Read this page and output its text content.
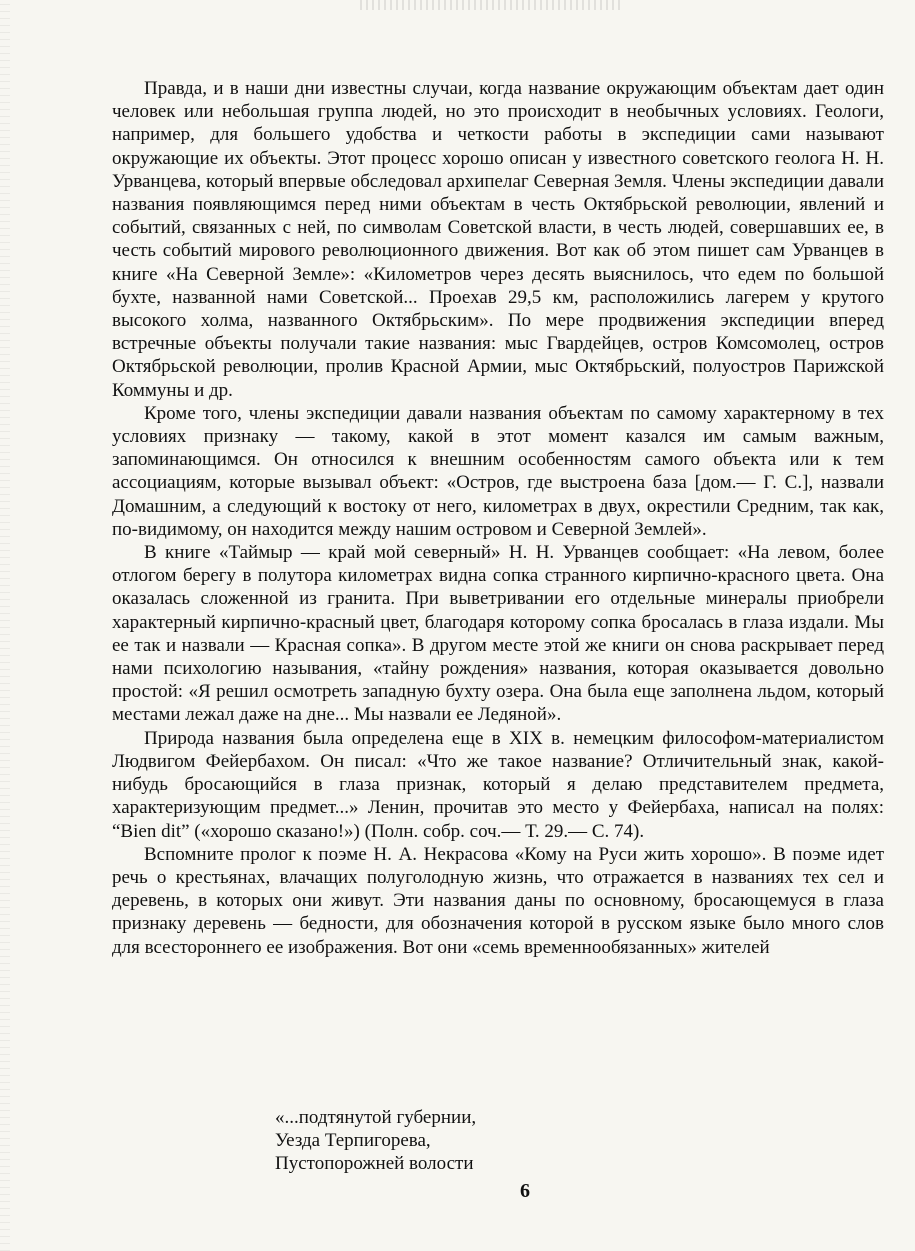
Правда, и в наши дни известны случаи, когда название окружающим объектам дает один человек или небольшая группа людей, но это происходит в необычных условиях. Геологи, например, для большего удобства и четкости работы в экспедиции сами называют окружающие их объекты. Этот процесс хорошо описан у известного советского геолога Н. Н. Урванцева, который впервые обследовал архипелаг Северная Земля. Члены экспедиции давали названия появляющимся перед ними объектам в честь Октябрьской революции, явлений и событий, связанных с ней, по символам Советской власти, в честь людей, совершавших ее, в честь событий мирового революционного движения. Вот как об этом пишет сам Урванцев в книге «На Северной Земле»: «Километров через десять выяснилось, что едем по большой бухте, названной нами Советской... Проехав 29,5 км, расположились лагерем у крутого высокого холма, названного Октябрьским». По мере продвижения экспедиции вперед встречные объекты получали такие названия: мыс Гвардейцев, остров Комсомолец, остров Октябрьской революции, пролив Красной Армии, мыс Октябрьский, полуостров Парижской Коммуны и др.

Кроме того, члены экспедиции давали названия объектам по самому характерному в тех условиях признаку — такому, какой в этот момент казался им самым важным, запоминающимся. Он относился к внешним особенностям самого объекта или к тем ассоциациям, которые вызывал объект: «Остров, где выстроена база [дом.— Г. С.], назвали Домашним, а следующий к востоку от него, километрах в двух, окрестили Средним, так как, по-видимому, он находится между нашим островом и Северной Землей».

В книге «Таймыр — край мой северный» Н. Н. Урванцев сообщает: «На левом, более отлогом берегу в полутора километрах видна сопка странного кирпично-красного цвета. Она оказалась сложенной из гранита. При выветривании его отдельные минералы приобрели характерный кирпично-красный цвет, благодаря которому сопка бросалась в глаза издали. Мы ее так и назвали — Красная сопка». В другом месте этой же книги он снова раскрывает перед нами психологию называния, «тайну рождения» названия, которая оказывается довольно простой: «Я решил осмотреть западную бухту озера. Она была еще заполнена льдом, который местами лежал даже на дне... Мы назвали ее Ледяной».

Природа названия была определена еще в XIX в. немецким философом-материалистом Людвигом Фейербахом. Он писал: «Что же такое название? Отличительный знак, какой-нибудь бросающийся в глаза признак, который я делаю представителем предмета, характеризующим предмет...» Ленин, прочитав это место у Фейербаха, написал на полях: “Bien dit” («хорошо сказано!») (Полн. собр. соч.— Т. 29.— С. 74).

Вспомните пролог к поэме Н. А. Некрасова «Кому на Руси жить хорошо». В поэме идет речь о крестьянах, влачащих полуголодную жизнь, что отражается в названиях тех сел и деревень, в которых они живут. Эти названия даны по основному, бросающемуся в глаза признаку деревень — бедности, для обозначения которой в русском языке было много слов для всестороннего ее изображения. Вот они «семь временнообязанных» жителей

«...подтянутой губернии,
Уезда Терпигорева,
Пустопорожней волости
6
